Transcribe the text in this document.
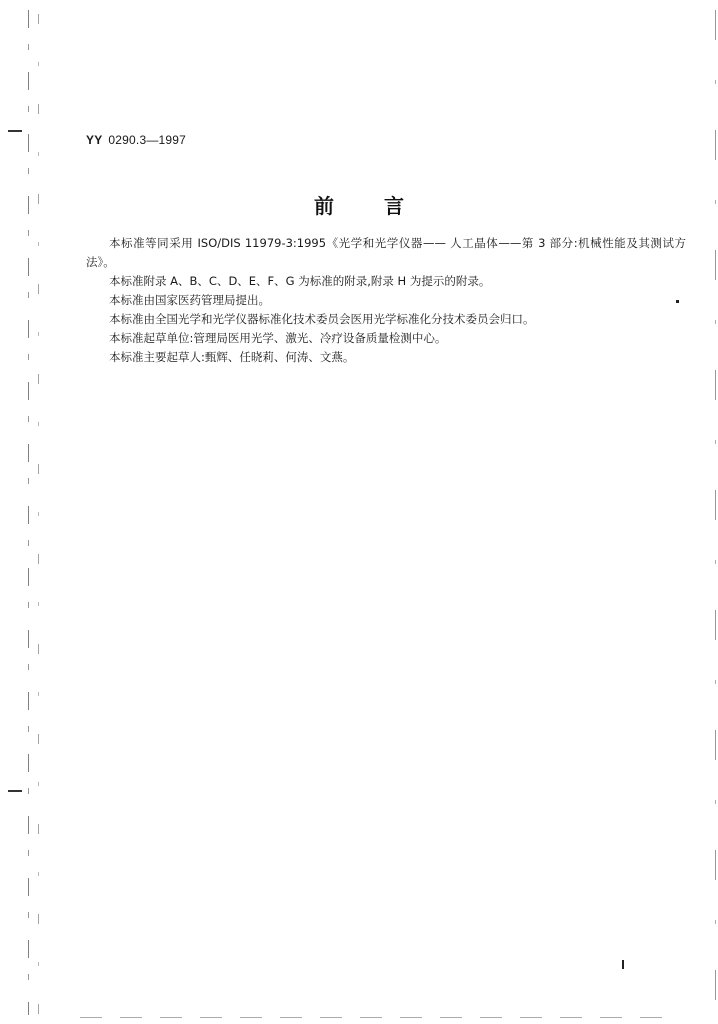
YY 0290.3—1997
前	言

本标准等同采用 ISO/DIS 11979-3:1995《光学和光学仪器—— 人工晶体——第 3 部分:机械性能及其测试方法》。

本标准附录 A、B、C、D、E、F、G 为标准的附录,附录 H 为提示的附录。

本标准由国家医药管理局提出。

本标准由全国光学和光学仪器标准化技术委员会医用光学标准化分技术委员会归口。

本标准起草单位:管理局医用光学、激光、冷疗设备质量检测中心。

本标准主要起草人:甄辉、任晓莉、何涛、文燕。
